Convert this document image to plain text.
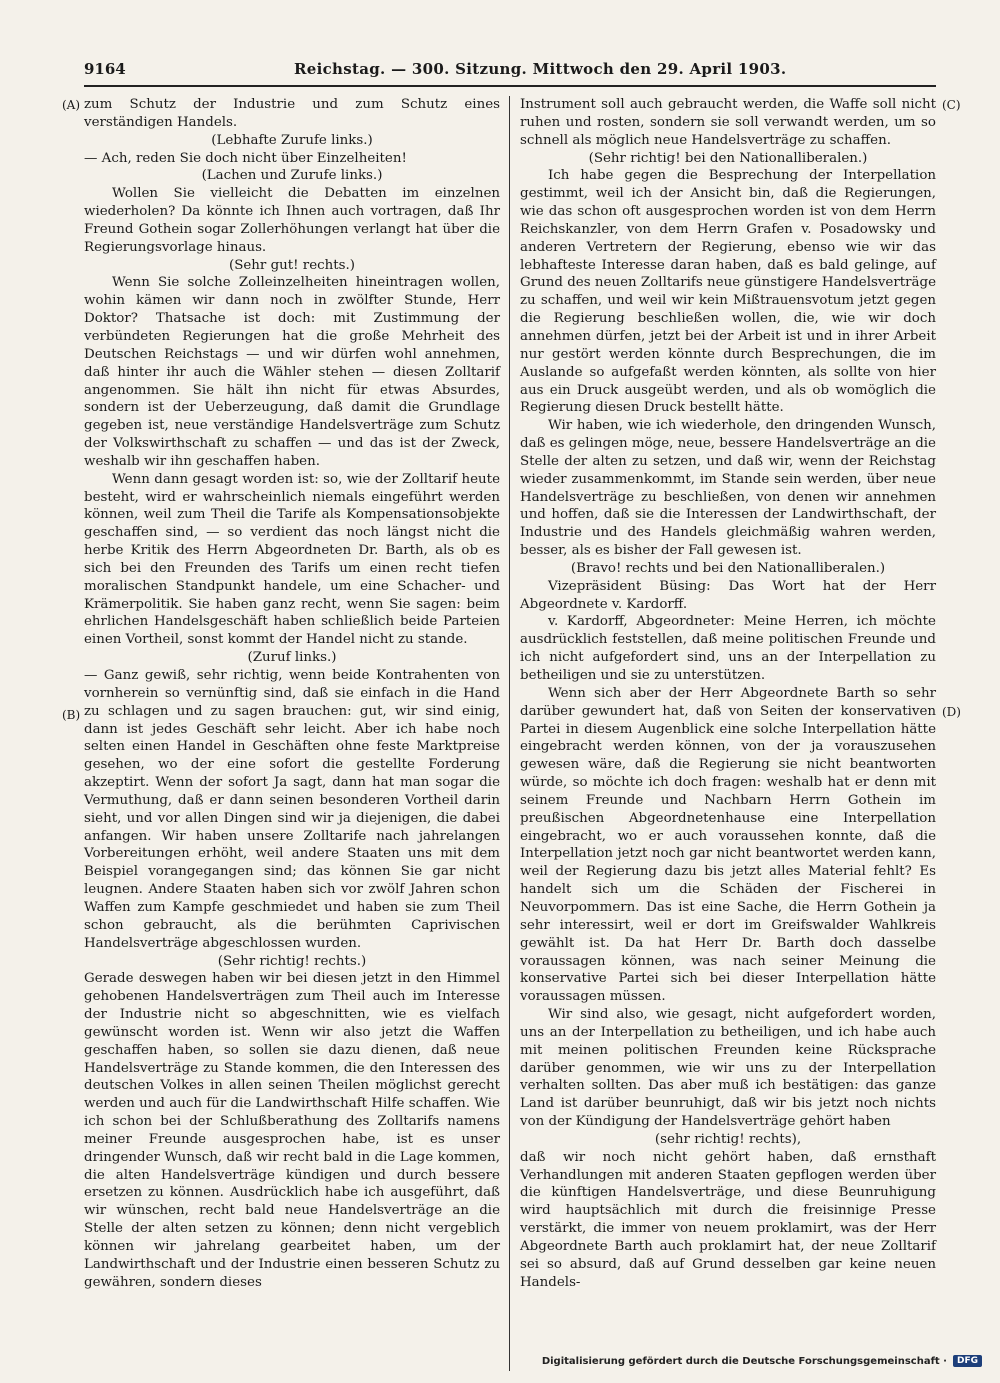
9164	Reichstag. — 300. Sitzung. Mittwoch den 29. April 1903.

zum Schutz der Industrie und zum Schutz eines verständigen Handels.

(Lebhafte Zurufe links.)

— Ach, reden Sie doch nicht über Einzelheiten!

(Lachen und Zurufe links.)

Wollen Sie vielleicht die Debatten im einzelnen wiederholen? Da könnte ich Ihnen auch vortragen, daß Ihr Freund Gothein sogar Zollerhöhungen verlangt hat über die Regierungsvorlage hinaus.

(Sehr gut! rechts.)

Wenn Sie solche Zolleinzelheiten hineintragen wollen, wohin kämen wir dann noch in zwölfter Stunde, Herr Doktor? Thatsache ist doch: mit Zustimmung der verbündeten Regierungen hat die große Mehrheit des Deutschen Reichstags — und wir dürfen wohl annehmen, daß hinter ihr auch die Wähler stehen — diesen Zolltarif angenommen. Sie hält ihn nicht für etwas Absurdes, sondern ist der Ueberzeugung, daß damit die Grundlage gegeben ist, neue verständige Handelsverträge zum Schutz der Volkswirthschaft zu schaffen — und das ist der Zweck, weshalb wir ihn geschaffen haben.

Wenn dann gesagt worden ist: so, wie der Zolltarif heute besteht, wird er wahrscheinlich niemals eingeführt werden können, weil zum Theil die Tarife als Kompensationsobjekte geschaffen sind, — so verdient das noch längst nicht die herbe Kritik des Herrn Abgeordneten Dr. Barth, als ob es sich bei den Freunden des Tarifs um einen recht tiefen moralischen Standpunkt handele, um eine Schacher- und Krämerpolitik. Sie haben ganz recht, wenn Sie sagen: beim ehrlichen Handelsgeschäft haben schließlich beide Parteien einen Vortheil, sonst kommt der Handel nicht zu stande.

(Zuruf links.)

— Ganz gewiß, sehr richtig, wenn beide Kontrahenten von vornherein so vernünftig sind, daß sie einfach in die Hand zu schlagen und zu sagen brauchen: gut, wir sind einig, dann ist jedes Geschäft sehr leicht. Aber ich habe noch selten einen Handel in Geschäften ohne feste Marktpreise gesehen, wo der eine sofort die gestellte Forderung akzeptirt. Wenn der sofort Ja sagt, dann hat man sogar die Vermuthung, daß er dann seinen besonderen Vortheil darin sieht, und vor allen Dingen sind wir ja diejenigen, die dabei anfangen. Wir haben unsere Zolltarife nach jahrelangen Vorbereitungen erhöht, weil andere Staaten uns mit dem Beispiel vorangegangen sind; das können Sie gar nicht leugnen. Andere Staaten haben sich vor zwölf Jahren schon Waffen zum Kampfe geschmiedet und haben sie zum Theil schon gebraucht, als die berühmten Caprivischen Handelsverträge abgeschlossen wurden.

(Sehr richtig! rechts.)

Gerade deswegen haben wir bei diesen jetzt in den Himmel gehobenen Handelsverträgen zum Theil auch im Interesse der Industrie nicht so abgeschnitten, wie es vielfach gewünscht worden ist. Wenn wir also jetzt die Waffen geschaffen haben, so sollen sie dazu dienen, daß neue Handelsverträge zu Stande kommen, die den Interessen des deutschen Volkes in allen seinen Theilen möglichst gerecht werden und auch für die Landwirthschaft Hilfe schaffen. Wie ich schon bei der Schlußberathung des Zolltarifs namens meiner Freunde ausgesprochen habe, ist es unser dringender Wunsch, daß wir recht bald in die Lage kommen, die alten Handelsverträge kündigen und durch bessere ersetzen zu können. Ausdrücklich habe ich ausgeführt, daß wir wünschen, recht bald neue Handelsverträge an die Stelle der alten setzen zu können; denn nicht vergeblich können wir jahrelang gearbeitet haben, um der Landwirthschaft und der Industrie einen besseren Schutz zu gewähren, sondern dieses

Instrument soll auch gebraucht werden, die Waffe soll nicht ruhen und rosten, sondern sie soll verwandt werden, um so schnell als möglich neue Handelsverträge zu schaffen.

(Sehr richtig! bei den Nationalliberalen.)

Ich habe gegen die Besprechung der Interpellation gestimmt, weil ich der Ansicht bin, daß die Regierungen, wie das schon oft ausgesprochen worden ist von dem Herrn Reichskanzler, von dem Herrn Grafen v. Posadowsky und anderen Vertretern der Regierung, ebenso wie wir das lebhafteste Interesse daran haben, daß es bald gelinge, auf Grund des neuen Zolltarifs neue günstigere Handelsverträge zu schaffen, und weil wir kein Mißtrauensvotum jetzt gegen die Regierung beschließen wollen, die, wie wir doch annehmen dürfen, jetzt bei der Arbeit ist und in ihrer Arbeit nur gestört werden könnte durch Besprechungen, die im Auslande so aufgefaßt werden könnten, als sollte von hier aus ein Druck ausgeübt werden, und als ob womöglich die Regierung diesen Druck bestellt hätte.

Wir haben, wie ich wiederhole, den dringenden Wunsch, daß es gelingen möge, neue, bessere Handelsverträge an die Stelle der alten zu setzen, und daß wir, wenn der Reichstag wieder zusammenkommt, im Stande sein werden, über neue Handelsverträge zu beschließen, von denen wir annehmen und hoffen, daß sie die Interessen der Landwirthschaft, der Industrie und des Handels gleichmäßig wahren werden, besser, als es bisher der Fall gewesen ist.

(Bravo! rechts und bei den Nationalliberalen.)

Vizepräsident Büsing: Das Wort hat der Herr Abgeordnete v. Kardorff.

v. Kardorff, Abgeordneter: Meine Herren, ich möchte ausdrücklich feststellen, daß meine politischen Freunde und ich nicht aufgefordert sind, uns an der Interpellation zu betheiligen und sie zu unterstützen.

Wenn sich aber der Herr Abgeordnete Barth so sehr darüber gewundert hat, daß von Seiten der konservativen Partei in diesem Augenblick eine solche Interpellation hätte eingebracht werden können, von der ja vorauszusehen gewesen wäre, daß die Regierung sie nicht beantworten würde, so möchte ich doch fragen: weshalb hat er denn mit seinem Freunde und Nachbarn Herrn Gothein im preußischen Abgeordnetenhause eine Interpellation eingebracht, wo er auch voraussehen konnte, daß die Interpellation jetzt noch gar nicht beantwortet werden kann, weil der Regierung dazu bis jetzt alles Material fehlt? Es handelt sich um die Schäden der Fischerei in Neuvorpommern. Das ist eine Sache, die Herrn Gothein ja sehr interessirt, weil er dort im Greifswalder Wahlkreis gewählt ist. Da hat Herr Dr. Barth doch dasselbe voraussagen können, was nach seiner Meinung die konservative Partei sich bei dieser Interpellation hätte voraussagen müssen.

Wir sind also, wie gesagt, nicht aufgefordert worden, uns an der Interpellation zu betheiligen, und ich habe auch mit meinen politischen Freunden keine Rücksprache darüber genommen, wie wir uns zu der Interpellation verhalten sollten. Das aber muß ich bestätigen: das ganze Land ist darüber beunruhigt, daß wir bis jetzt noch nichts von der Kündigung der Handelsverträge gehört haben

(sehr richtig! rechts),

daß wir noch nicht gehört haben, daß ernsthaft Verhandlungen mit anderen Staaten gepflogen werden über die künftigen Handelsverträge, und diese Beunruhigung wird hauptsächlich mit durch die freisinnige Presse verstärkt, die immer von neuem proklamirt, was der Herr Abgeordnete Barth auch proklamirt hat, der neue Zolltarif sei so absurd, daß auf Grund desselben gar keine neuen Handels-

(A)
(B)
(C)
(D)
Digitalisierung gefördert durch die Deutsche Forschungsgemeinschaft ·	DFG
